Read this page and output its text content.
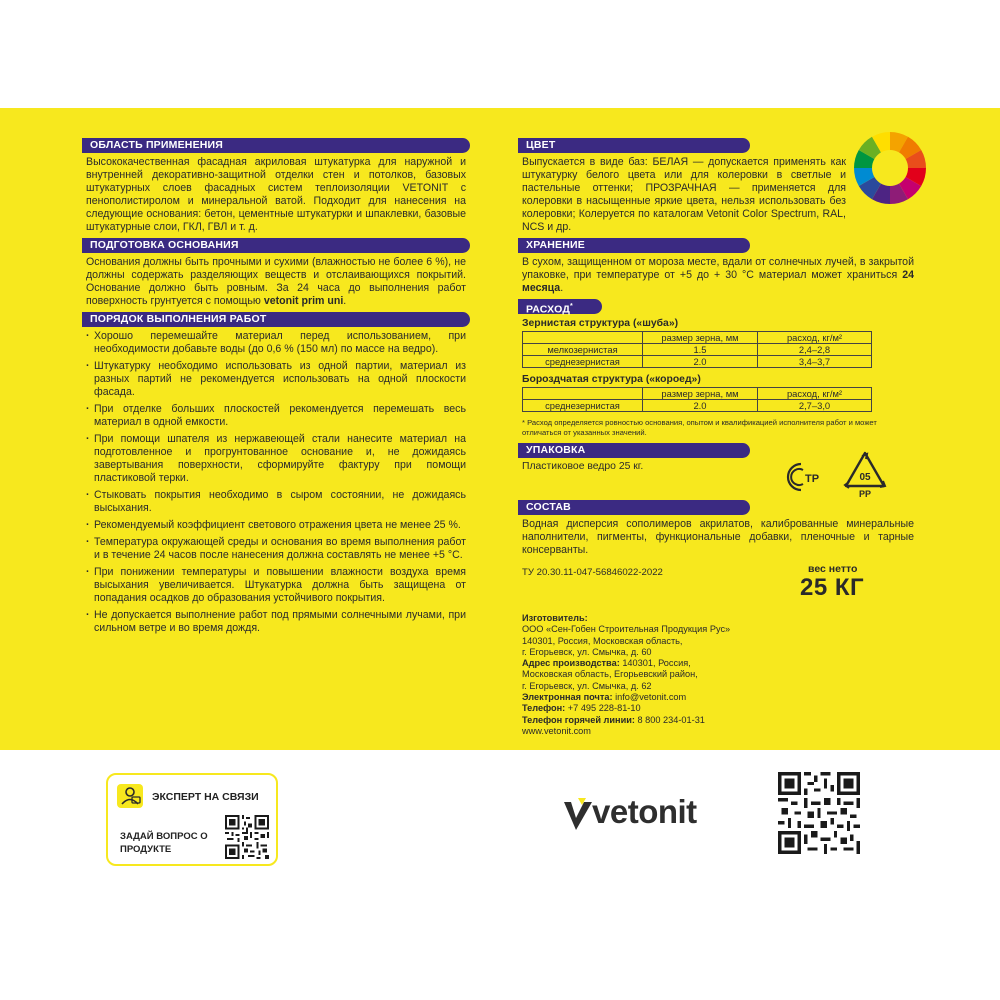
ОБЛАСТЬ ПРИМЕНЕНИЯ

Высококачественная фасадная акриловая штукатурка для наружной и внутренней декоративно-защитной отделки стен и потолков, базовых штукатурных слоев фасадных систем теплоизоляции VETONIT с пенополистиролом и минеральной ватой. Подходит для нанесения на следующие основания: бетон, цементные штукатурки и шпаклевки, базовые штукатурные слои, ГКЛ, ГВЛ и т. д.

ПОДГОТОВКА ОСНОВАНИЯ

Основания должны быть прочными и сухими (влажностью не более 6 %), не должны содержать разделяющих веществ и отслаивающихся покрытий. Основание должно быть ровным. За 24 часа до выполнения работ поверхность грунтуется с помощью vetonit prim uni.

ПОРЯДОК ВЫПОЛНЕНИЯ РАБОТ
· Хорошо перемешайте материал перед использованием, при необходимости добавьте воды (до 0,6 % (150 мл) по массе на ведро).
· Штукатурку необходимо использовать из одной партии, материал из разных партий не рекомендуется использовать на одной плоскости фасада.
· При отделке больших плоскостей рекомендуется перемешать весь материал в одной емкости.
· При помощи шпателя из нержавеющей стали нанесите материал на подготовленное и прогрунтованное основание и, не дожидаясь завертывания поверхности, сформируйте фактуру при помощи пластиковой терки.
· Стыковать покрытия необходимо в сыром состоянии, не дожидаясь высыхания.
· Рекомендуемый коэффициент светового отражения цвета не менее 25 %.
· Температура окружающей среды и основания во время выполнения работ и в течение 24 часов после нанесения должна составлять не менее +5 °C.
· При понижении температуры и повышении влажности воздуха время высыхания увеличивается. Штукатурка должна быть защищена от попадания осадков до образования устойчивого покрытия.
· Не допускается выполнение работ под прямыми солнечными лучами, при сильном ветре и во время дождя.
ЦВЕТ

Выпускается в виде баз: БЕЛАЯ — допускается применять как штукатурку белого цвета или для колеровки в светлые и пастельные оттенки; ПРОЗРАЧНАЯ — применяется для колеровки в насыщенные яркие цвета, нельзя использовать без колеровки; Колеруется по каталогам Vetonit Color Spectrum, RAL, NCS и др.

ХРАНЕНИЕ

В сухом, защищенном от мороза месте, вдали от солнечных лучей, в закрытой упаковке, при температуре от +5 до + 30 °С материал может храниться 24 месяца.

РАСХОД*
Зернистая структура («шуба»)
	размер зерна, мм	расход, кг/м²
мелкозернистая	1.5	2,4–2,8
среднезернистая	2.0	3,4–3,7
Бороздчатая структура («короед»)
	размер зерна, мм	расход, кг/м²
среднезернистая	2.0	2,7–3,0

* Расход определяется ровностью основания, опытом и квалификацией исполнителя работ и может отличаться от указанных значений.

УПАКОВКА

Пластиковое ведро 25 кг.

ТР	05
PP
СОСТАВ

Водная дисперсия сополимеров акрилатов, калиброванные минеральные наполнители, пигменты, функциональные добавки, пленочные и тарные консерванты.

ТУ 20.30.11-047-56846022-2022	вес нетто
25 КГ
Изготовитель:
ООО «Сен-Гобен Строительная Продукция Рус»
140301, Россия, Московская область,
г. Егорьевск, ул. Смычка, д. 60
Адрес производства: 140301, Россия,
Московская область, Егорьевский район,
г. Егорьевск, ул. Смычка, д. 62
Электронная почта: info@vetonit.com
Телефон: +7 495 228-81-10
Телефон горячей линии: 8 800 234-01-31
www.vetonit.com
ЭКСПЕРТ НА СВЯЗИ
ЗАДАЙ ВОПРОС О ПРОДУКТЕ
vetonit
